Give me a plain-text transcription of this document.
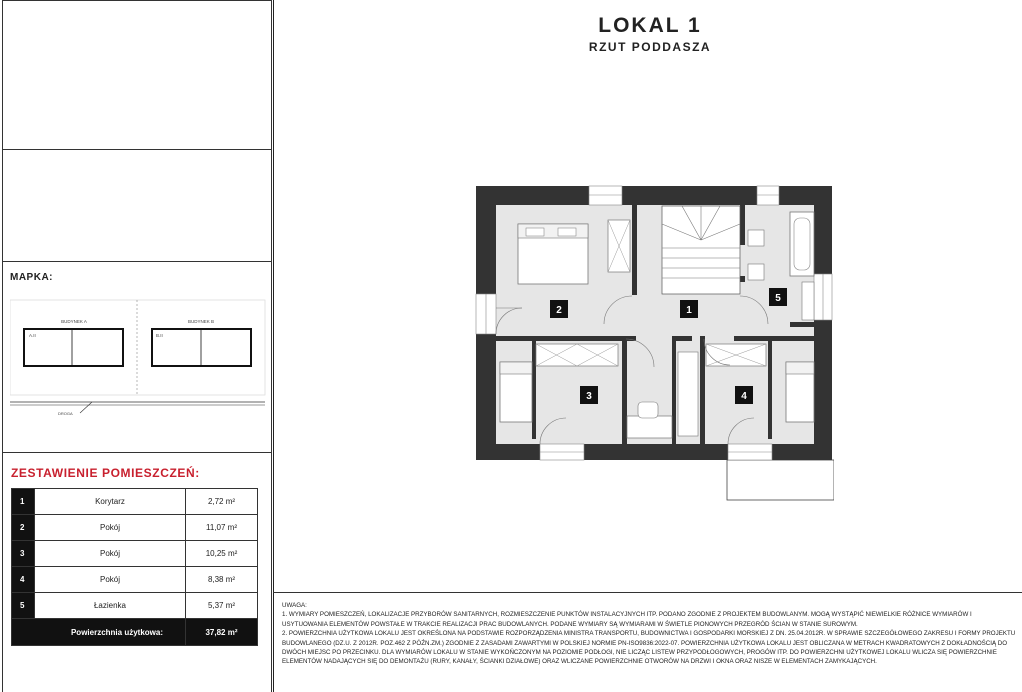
MAPKA:
BUDYNEK A
A.II
BUDYNEK B
B.II
DROGA
ZESTAWIENIE POMIESZCZEŃ:
1	Korytarz	2,72 m²
2	Pokój	11,07 m²
3	Pokój	10,25 m²
4	Pokój	8,38 m²
5	Łazienka	5,37 m²
Powierzchnia użytkowa:		37,82 m²
LOKAL 1
RZUT PODDASZA
1
2
3	4
5

UWAGA:

1. WYMIARY POMIESZCZEŃ, LOKALIZACJE PRZYBORÓW SANITARNYCH, ROZMIESZCZENIE PUNKTÓW INSTALACYJNYCH ITP. PODANO ZGODNIE Z PROJEKTEM BUDOWLANYM. MOGĄ WYSTĄPIĆ NIEWIELKIE RÓŻNICE WYMIARÓW I USYTUOWANIA ELEMENTÓW POWSTAŁE W TRAKCIE REALIZACJI PRAC BUDOWLANYCH. PODANE WYMIARY SĄ WYMIARAMI W ŚWIETLE PIONOWYCH PRZEGRÓD ŚCIAN W STANIE SUROWYM.

2. POWIERZCHNIA UŻYTKOWA LOKALU JEST OKREŚLONA NA PODSTAWIE ROZPORZĄDZENIA MINISTRA TRANSPORTU, BUDOWNICTWA I GOSPODARKI MORSKIEJ Z DN. 25.04.2012R. W SPRAWIE SZCZEGÓŁOWEGO ZAKRESU I FORMY PROJEKTU BUDOWLANEGO (DZ.U. Z 2012R. POZ.462 Z PÓŹN.ZM.) ZGODNIE Z ZASADAMI ZAWARTYMI W POLSKIEJ NORMIE PN-ISO9836:2022-07. POWIERZCHNIA UŻYTKOWA LOKALU JEST OBLICZANA W METRACH KWADRATOWYCH Z DOKŁADNOŚCIĄ DO DWÓCH MIEJSC PO PRZECINKU. DLA WYMIARÓW LOKALU W STANIE WYKOŃCZONYM NA POZIOMIE PODŁOGI, NIE LICZĄC LISTEW PRZYPODŁOGOWYCH, PROGÓW ITP. DO POWIERZCHNI UŻYTKOWEJ LOKALU WLICZA SIĘ POWIERZCHNIE ELEMENTÓW NADAJĄCYCH SIĘ DO DEMONTAŻU (RURY, KANAŁY, ŚCIANKI DZIAŁOWE) ORAZ WLICZANE POWIERZCHNIE OTWORÓW NA DRZWI I OKNA ORAZ NISZE W ELEMENTACH ZAMYKAJĄCYCH.
